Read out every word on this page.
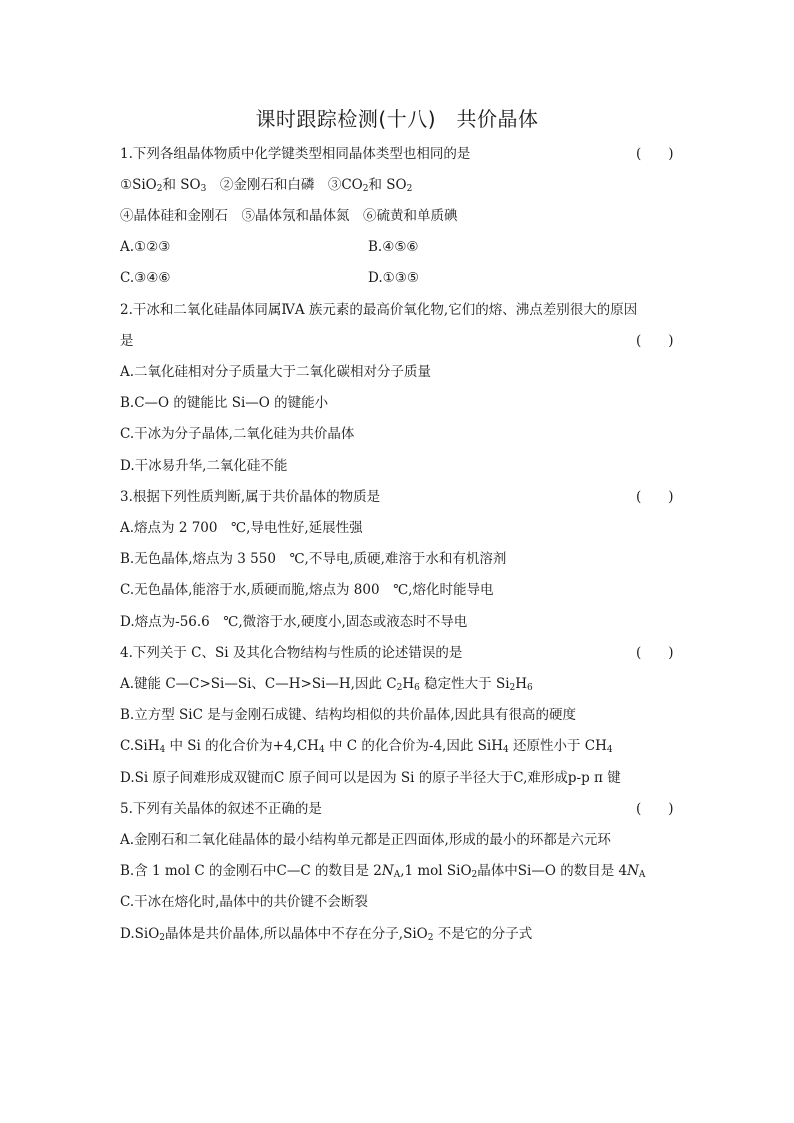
课时跟踪检测(十八)　共价晶体
1.下列各组晶体物质中化学键类型相同晶体类型也相同的是	(　　)
①SiO$_2$和 $SO_3$　②金刚石和白磷　$③CO_2$和 $SO_2$
④晶体硅和金刚石　⑤晶体氖和晶体氮　⑥硫黄和单质碘
A.①②③	B.④⑤⑥
C.③④⑥	D.①③⑤
2.干冰和二氧化硅晶体同属ⅣA 族元素的最高价氧化物,它们的熔、沸点差别很大的原因
是	(　　)
A.二氧化硅相对分子质量大于二氧化碳相对分子质量
B.C—O 的键能比 Si—O 的键能小
C.干冰为分子晶体,二氧化硅为共价晶体
D.干冰易升华,二氧化硅不能
3.根据下列性质判断,属于共价晶体的物质是	(　　)
A.熔点为 2 700　℃,导电性好,延展性强
B.无色晶体,熔点为 3 550　℃,不导电,质硬,难溶于水和有机溶剂
C.无色晶体,能溶于水,质硬而脆,熔点为 800　℃,熔化时能导电
D.熔点为-56.6　℃,微溶于水,硬度小,固态或液态时不导电
4.下列关于 C、Si 及其化合物结构与性质的论述错误的是	(　　)
A.键能 C—C>Si—Si、C—H>Si—H,因此 $C_2H_6$ 稳定性大于 $Si_2H_6$
B.立方型 SiC 是与金刚石成键、结构均相似的共价晶体,因此具有很高的硬度
C.SiH$_4$ 中 Si 的化合价为$+4,CH_4$ 中 C 的化合价为-4,因此 SiH$_4$ 还原性小于 $CH_4$
D.Si 原子间难形成双键而C 原子间可以是因为 Si 的原子半径大于C,难形成p-p π 键
5.下列有关晶体的叙述不正确的是	(　　)
A.金刚石和二氧化硅晶体的最小结构单元都是正四面体,形成的最小的环都是六元环
B.含 1 mol C 的金刚石中C—C 的数目是 $2N_A,1$ mol SiO$_2$晶体中Si—O 的数目是 $4N_A$
C.干冰在熔化时,晶体中的共价键不会断裂
D.SiO$_2$晶体是共价晶体,所以晶体中不存在分子,SiO$_2$ 不是它的分子式
